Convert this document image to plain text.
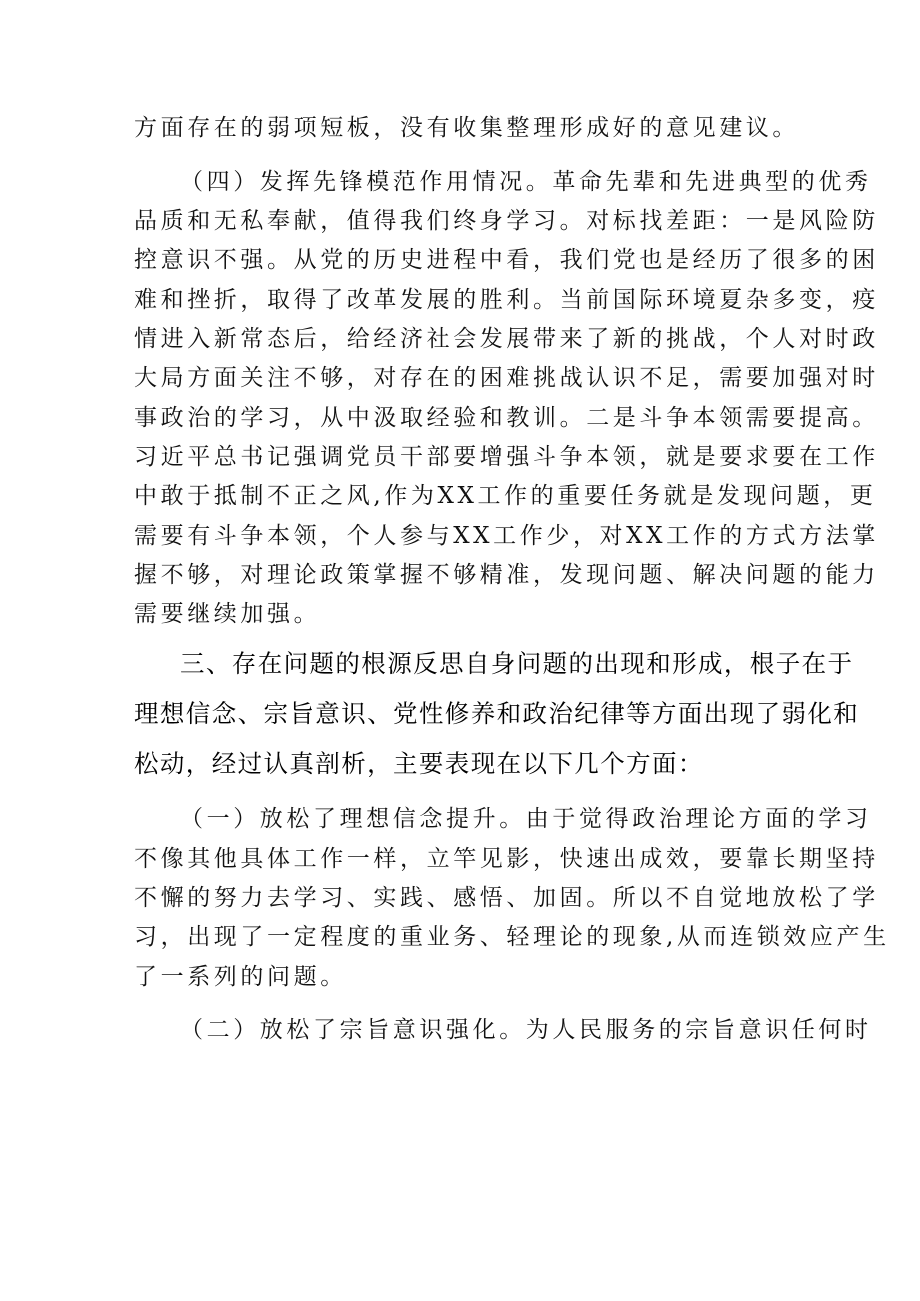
方面存在的弱项短板，没有收集整理形成好的意见建议。
（四）发挥先锋模范作用情况。革命先辈和先进典型的优秀
品质和无私奉献，值得我们终身学习。对标找差距：一是风险防
控意识不强。从党的历史进程中看，我们党也是经历了很多的困
难和挫折，取得了改革发展的胜利。当前国际环境夏杂多变，疫
情进入新常态后，给经济社会发展带来了新的挑战，个人对时政
大局方面关注不够，对存在的困难挑战认识不足，需要加强对时
事政治的学习，从中汲取经验和教训。二是斗争本领需要提高。
习近平总书记强调党员干部要增强斗争本领，就是要求要在工作
中敢于抵制不正之风,作为XX工作的重要任务就是发现问题，更
需要有斗争本领，个人参与XX工作少，对XX工作的方式方法掌
握不够，对理论政策掌握不够精准，发现问题、解决问题的能力
需要继续加强。
三、存在问题的根源反思自身问题的出现和形成，根子在于
理想信念、宗旨意识、党性修养和政治纪律等方面出现了弱化和
松动，经过认真剖析，主要表现在以下几个方面：
（一）放松了理想信念提升。由于觉得政治理论方面的学习
不像其他具体工作一样，立竿见影，快速出成效，要靠长期坚持
不懈的努力去学习、实践、感悟、加固。所以不自觉地放松了学
习，出现了一定程度的重业务、轻理论的现象,从而连锁效应产生
了一系列的问题。
（二）放松了宗旨意识强化。为人民服务的宗旨意识任何时
